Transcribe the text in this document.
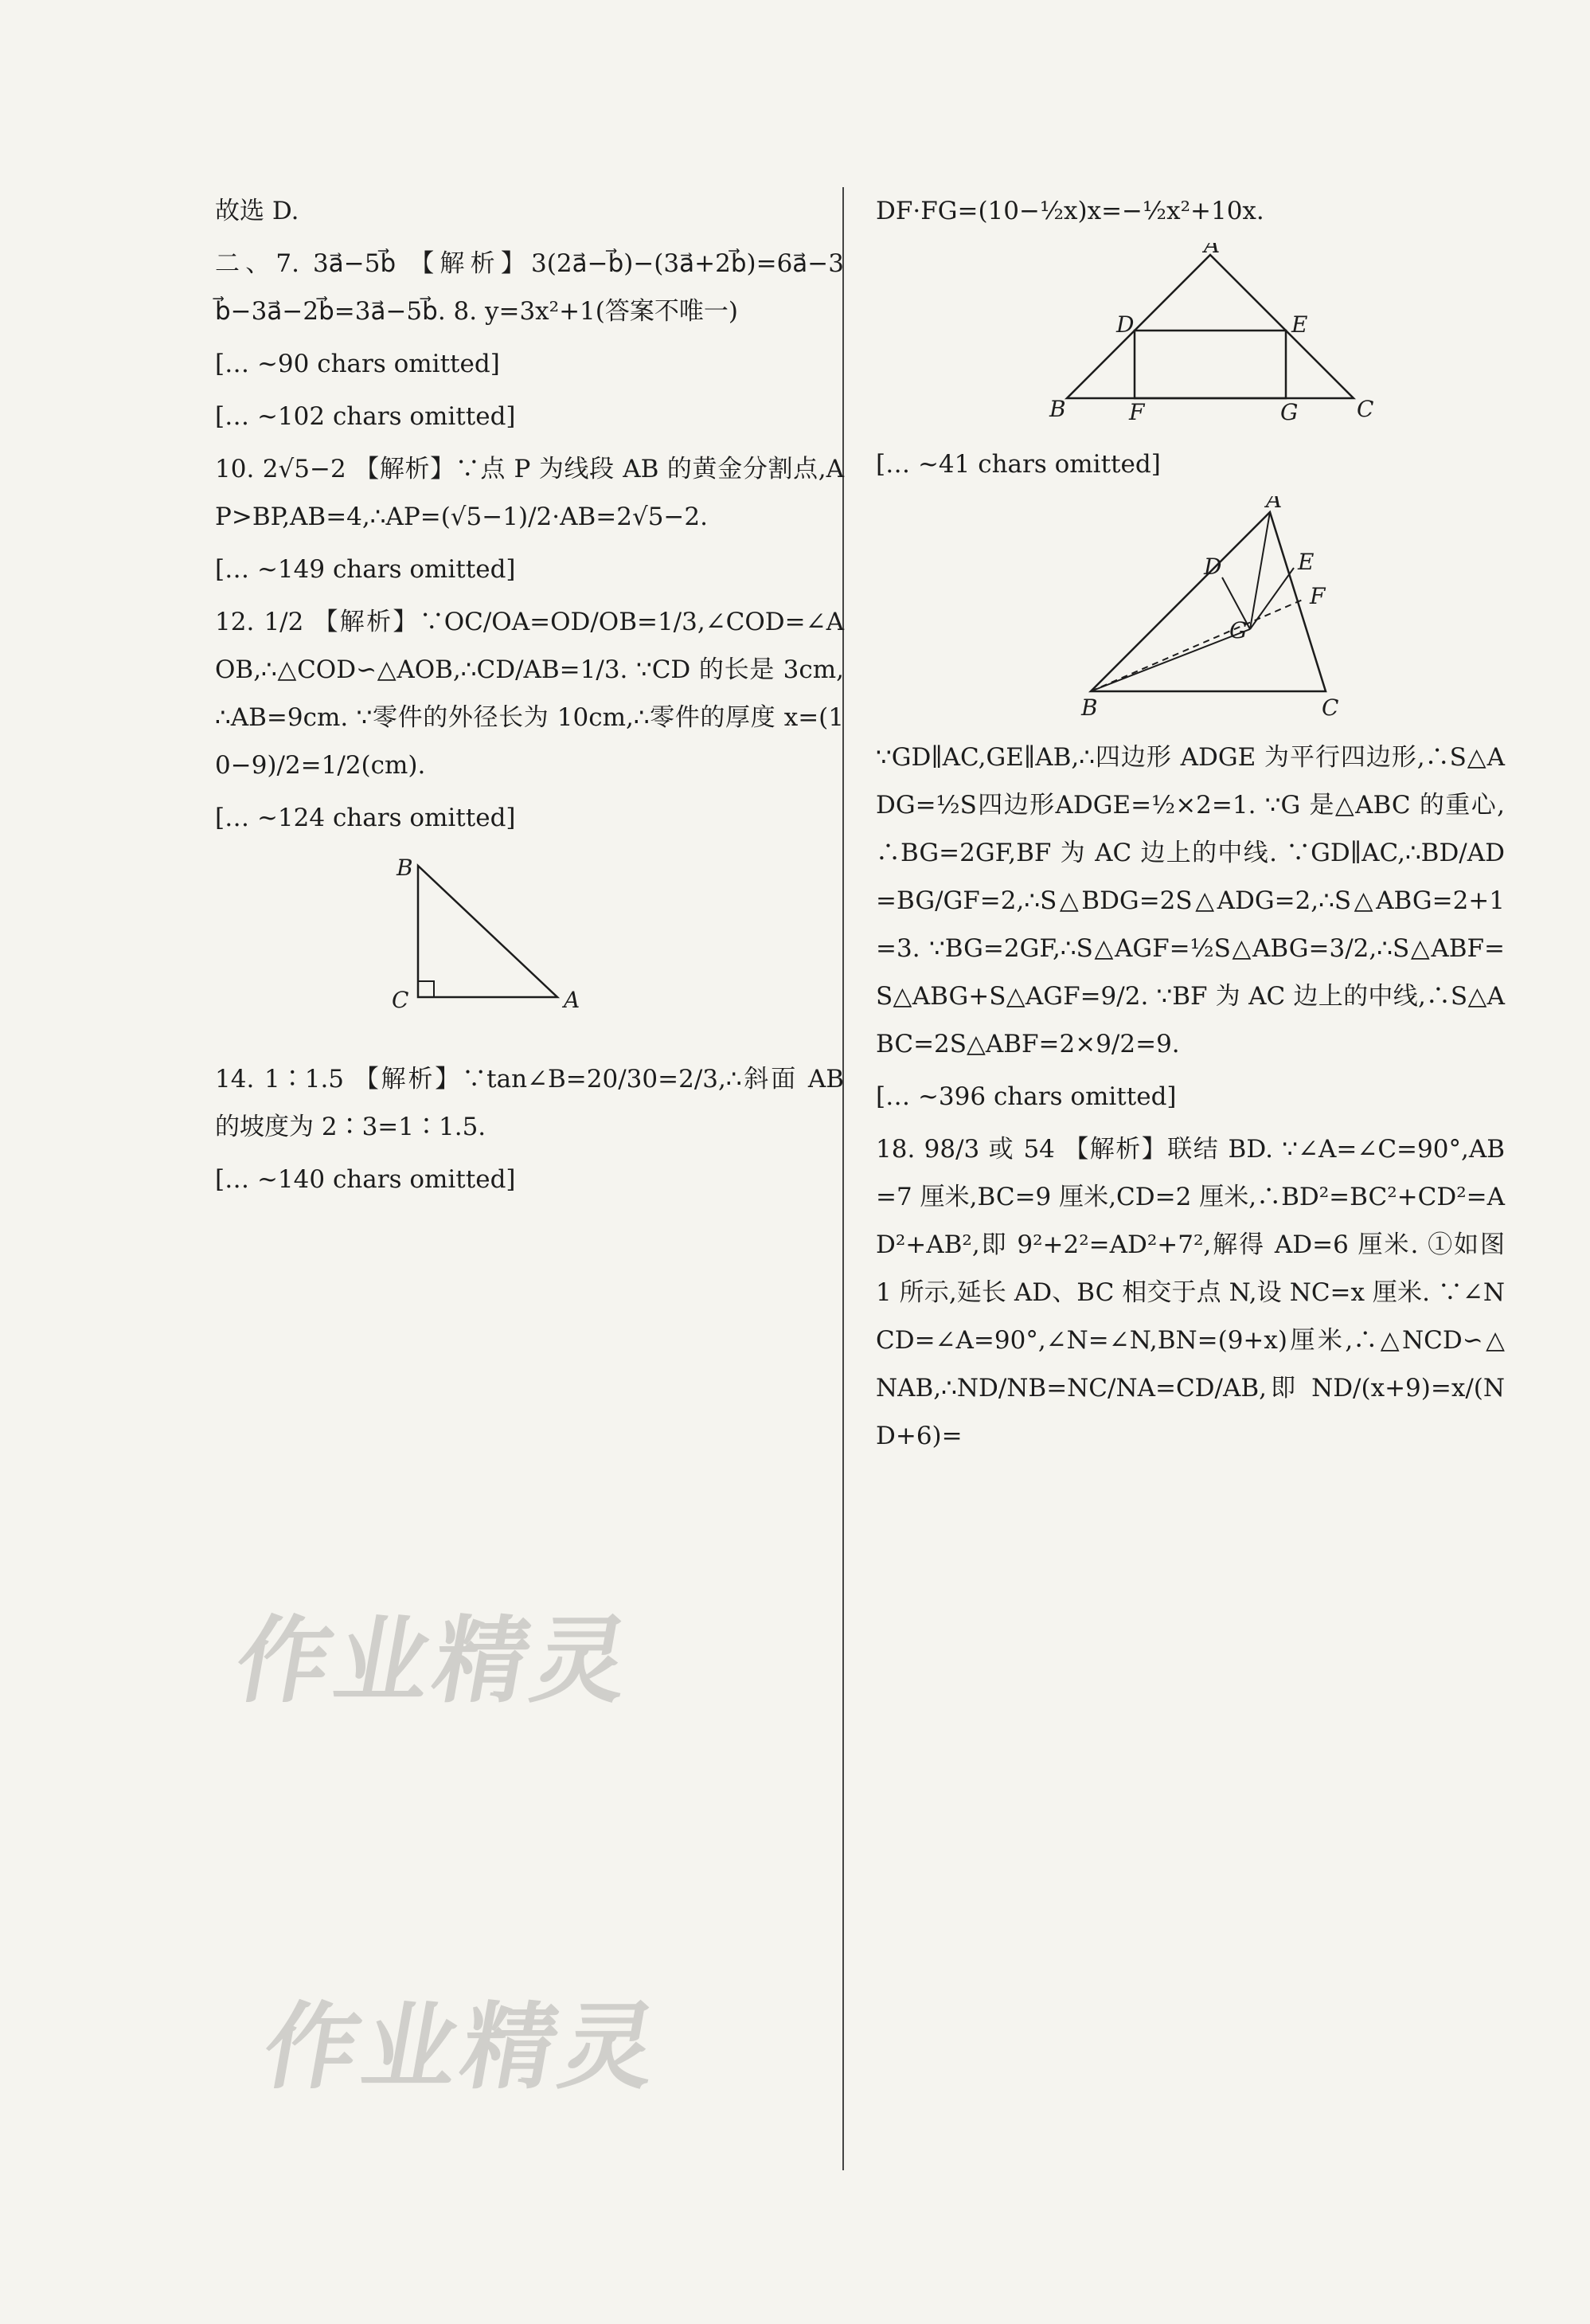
故选 D.

二、7. 3a⃗−5b⃗ 【解析】3(2a⃗−b⃗)−(3a⃗+2b⃗)=6a⃗−3b⃗−3a⃗−2b⃗=3a⃗−5b⃗. 8. y=3x²+1(答案不唯一)

[… ~90 chars omitted]

[… ~102 chars omitted]

10. 2√5−2 【解析】∵点 P 为线段 AB 的黄金分割点,AP>BP,AB=4,∴AP=(√5−1)/2·AB=2√5−2.

[… ~149 chars omitted]

12. 1/2 【解析】∵OC/OA=OD/OB=1/3,∠COD=∠AOB,∴△COD∽△AOB,∴CD/AB=1/3. ∵CD 的长是 3cm,∴AB=9cm. ∵零件的外径长为 10cm,∴零件的厚度 x=(10−9)/2=1/2(cm).

[… ~124 chars omitted]

B
C	A

14. 1∶1.5 【解析】∵tan∠B=20/30=2/3,∴斜面 AB 的坡度为 2∶3=1∶1.5.

[… ~140 chars omitted]

DF·FG=(10−½x)x=−½x²+10x.

A
D	E
B	F	G	C

[… ~41 chars omitted]

A
D	E
G
F
B	C

∵GD∥AC,GE∥AB,∴四边形 ADGE 为平行四边形,∴S△ADG=½S四边形ADGE=½×2=1. ∵G 是△ABC 的重心,∴BG=2GF,BF 为 AC 边上的中线. ∵GD∥AC,∴BD/AD=BG/GF=2,∴S△BDG=2S△ADG=2,∴S△ABG=2+1=3. ∵BG=2GF,∴S△AGF=½S△ABG=3/2,∴S△ABF=S△ABG+S△AGF=9/2. ∵BF 为 AC 边上的中线,∴S△ABC=2S△ABF=2×9/2=9.

[… ~396 chars omitted]

18. 98/3 或 54 【解析】联结 BD. ∵∠A=∠C=90°,AB=7 厘米,BC=9 厘米,CD=2 厘米,∴BD²=BC²+CD²=AD²+AB²,即 9²+2²=AD²+7²,解得 AD=6 厘米. ①如图 1 所示,延长 AD、BC 相交于点 N,设 NC=x 厘米. ∵∠NCD=∠A=90°,∠N=∠N,BN=(9+x)厘米,∴△NCD∽△NAB,∴ND/NB=NC/NA=CD/AB,即 ND/(x+9)=x/(ND+6)=

作业精灵
作业精灵
